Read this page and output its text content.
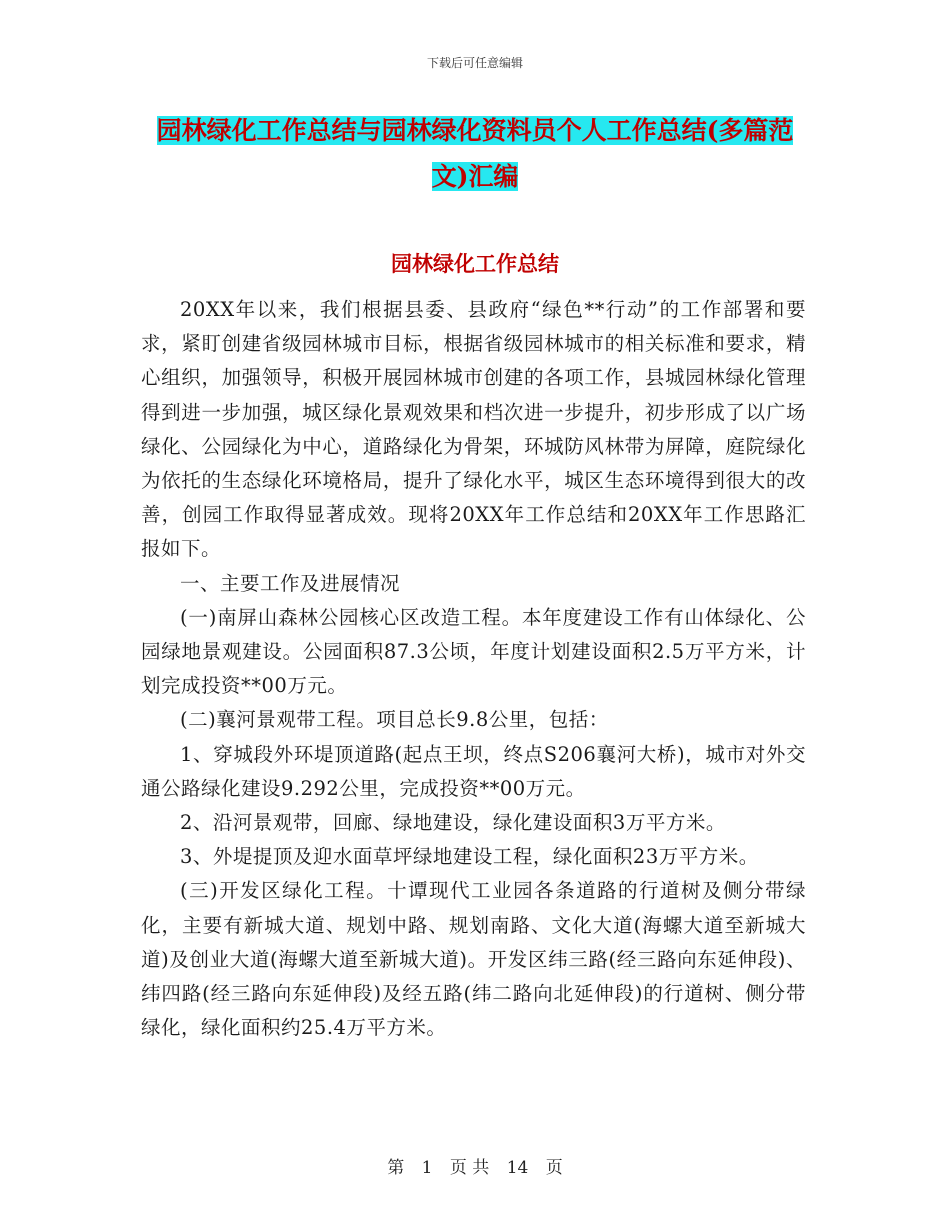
下载后可任意编辑
园林绿化工作总结与园林绿化资料员个人工作总结(多篇范文)汇编
园林绿化工作总结

20XX年以来，我们根据县委、县政府“绿色**行动”的工作部署和要求，紧盯创建省级园林城市目标，根据省级园林城市的相关标准和要求，精心组织，加强领导，积极开展园林城市创建的各项工作，县城园林绿化管理得到进一步加强，城区绿化景观效果和档次进一步提升，初步形成了以广场绿化、公园绿化为中心，道路绿化为骨架，环城防风林带为屏障，庭院绿化为依托的生态绿化环境格局，提升了绿化水平，城区生态环境得到很大的改善，创园工作取得显著成效。现将20XX年工作总结和20XX年工作思路汇报如下。

一、主要工作及进展情况

(一)南屏山森林公园核心区改造工程。本年度建设工作有山体绿化、公园绿地景观建设。公园面积87.3公顷，年度计划建设面积2.5万平方米，计划完成投资**00万元。

(二)襄河景观带工程。项目总长9.8公里，包括：

1、穿城段外环堤顶道路(起点王坝，终点S206襄河大桥)，城市对外交通公路绿化建设9.292公里，完成投资**00万元。

2、沿河景观带，回廊、绿地建设，绿化建设面积3万平方米。

3、外堤提顶及迎水面草坪绿地建设工程，绿化面积23万平方米。

(三)开发区绿化工程。十谭现代工业园各条道路的行道树及侧分带绿化，主要有新城大道、规划中路、规划南路、文化大道(海螺大道至新城大道)及创业大道(海螺大道至新城大道)。开发区纬三路(经三路向东延伸段)、纬四路(经三路向东延伸段)及经五路(纬二路向北延伸段)的行道树、侧分带绿化，绿化面积约25.4万平方米。

第 1 页 共 14 页
